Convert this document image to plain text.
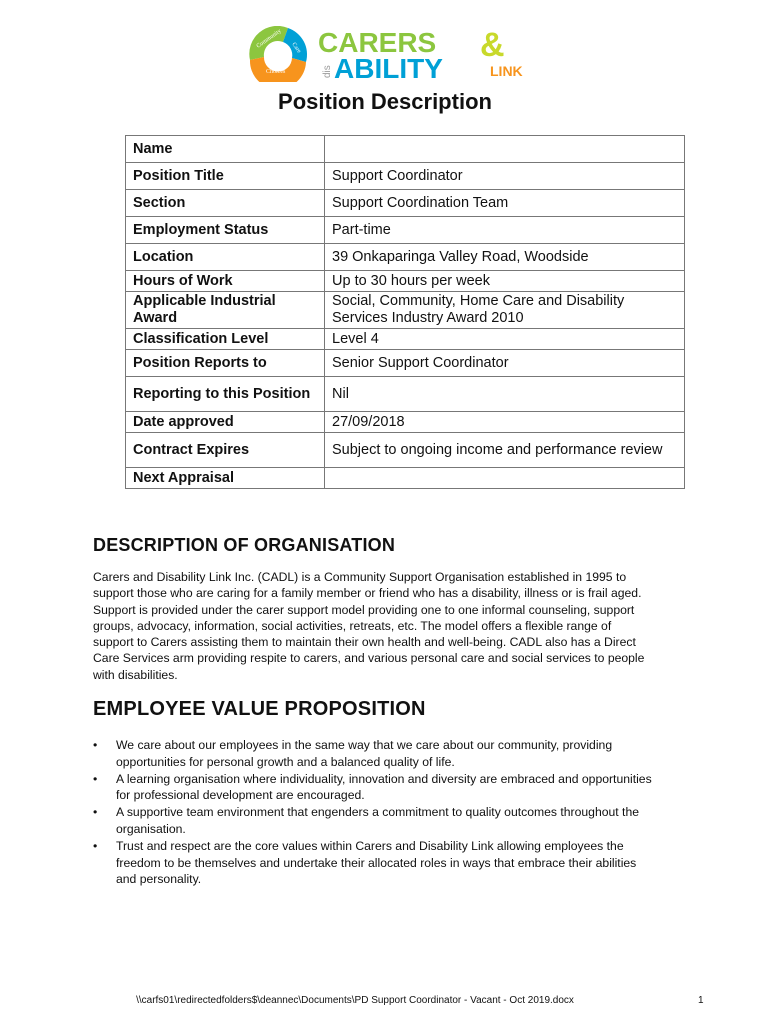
Community Care
Choices
CARERS &
dis ABILITY	LINK
Position Description
Name	
Position Title	Support Coordinator
Section	Support Coordination Team
Employment Status	Part-time
Location	39 Onkaparinga Valley Road, Woodside
Hours of Work	Up to 30 hours per week
Applicable Industrial Award	Social, Community, Home Care and Disability Services Industry Award 2010
Classification Level	Level 4
Position Reports to	Senior Support Coordinator
Reporting to this Position	Nil
Date approved	27/09/2018
Contract Expires	Subject to ongoing income and performance review
Next Appraisal	
DESCRIPTION OF ORGANISATION

Carers and Disability Link Inc. (CADL) is a Community Support Organisation established in 1995 to support those who are caring for a family member or friend who has a disability, illness or is frail aged. Support is provided under the carer support model providing one to one informal counseling, support groups, advocacy, information, social activities, retreats, etc. The model offers a flexible range of support to Carers assisting them to maintain their own health and well-being. CADL also has a Direct Care Services arm providing respite to carers, and various personal care and social services to people with disabilities.

EMPLOYEE VALUE PROPOSITION
• We care about our employees in the same way that we care about our community, providing opportunities for personal growth and a balanced quality of life.
• A learning organisation where individuality, innovation and diversity are embraced and opportunities for professional development are encouraged.
• A supportive team environment that engenders a commitment to quality outcomes throughout the organisation.
• Trust and respect are the core values within Carers and Disability Link allowing employees the freedom to be themselves and undertake their allocated roles in ways that embrace their abilities and personality.
\\carfs01\redirectedfolders$\deannec\Documents\PD Support Coordinator - Vacant - Oct 2019.docx	1
